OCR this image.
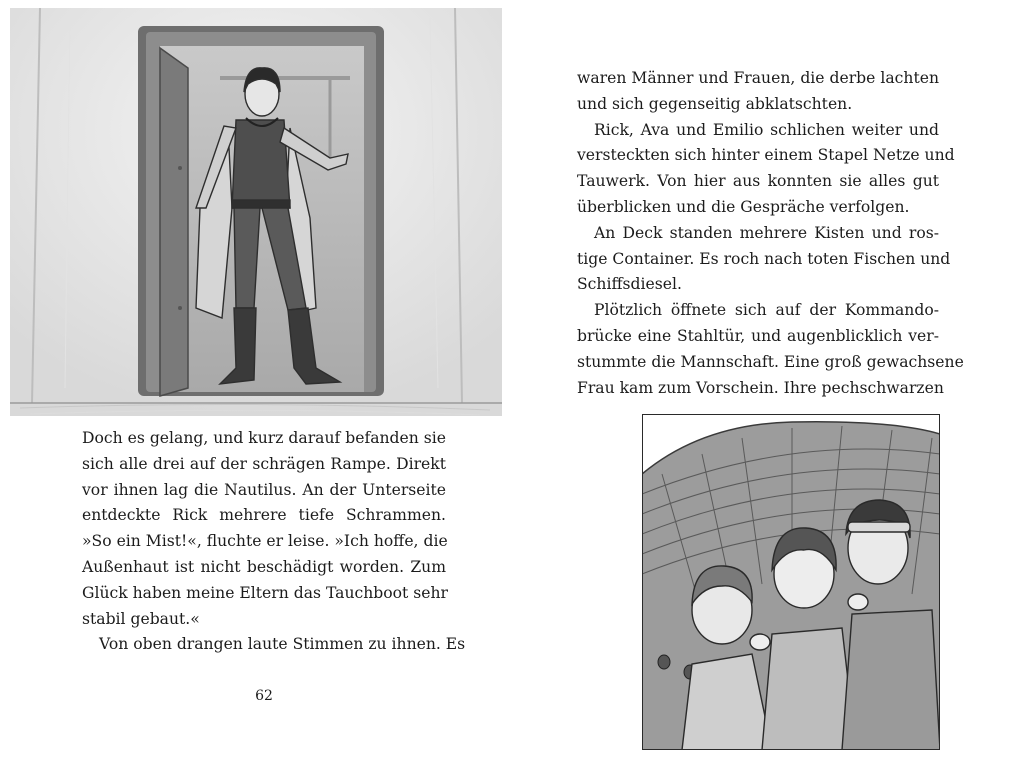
Doch es gelang, und kurz darauf befanden sie
sich alle drei auf der schrägen Rampe. Direkt
vor ihnen lag die Nautilus. An der Unterseite
entdeckte Rick mehrere tiefe Schrammen.
»So ein Mist!«, fluchte er leise. »Ich hoffe, die
Außenhaut ist nicht beschädigt worden. Zum
Glück haben meine Eltern das Tauchboot sehr
stabil gebaut.«
Von oben drangen laute Stimmen zu ihnen. Es
62
waren Männer und Frauen, die derbe lachten
und sich gegenseitig abklatschten.
Rick, Ava und Emilio schlichen weiter und
versteckten sich hinter einem Stapel Netze und
Tauwerk. Von hier aus konnten sie alles gut
überblicken und die Gespräche verfolgen.
An Deck standen mehrere Kisten und ros-
tige Container. Es roch nach toten Fischen und
Schiffsdiesel.
Plötzlich öffnete sich auf der Kommando-
brücke eine Stahltür, und augenblicklich ver-
stummte die Mannschaft. Eine groß gewachsene
Frau kam zum Vorschein. Ihre pechschwarzen
